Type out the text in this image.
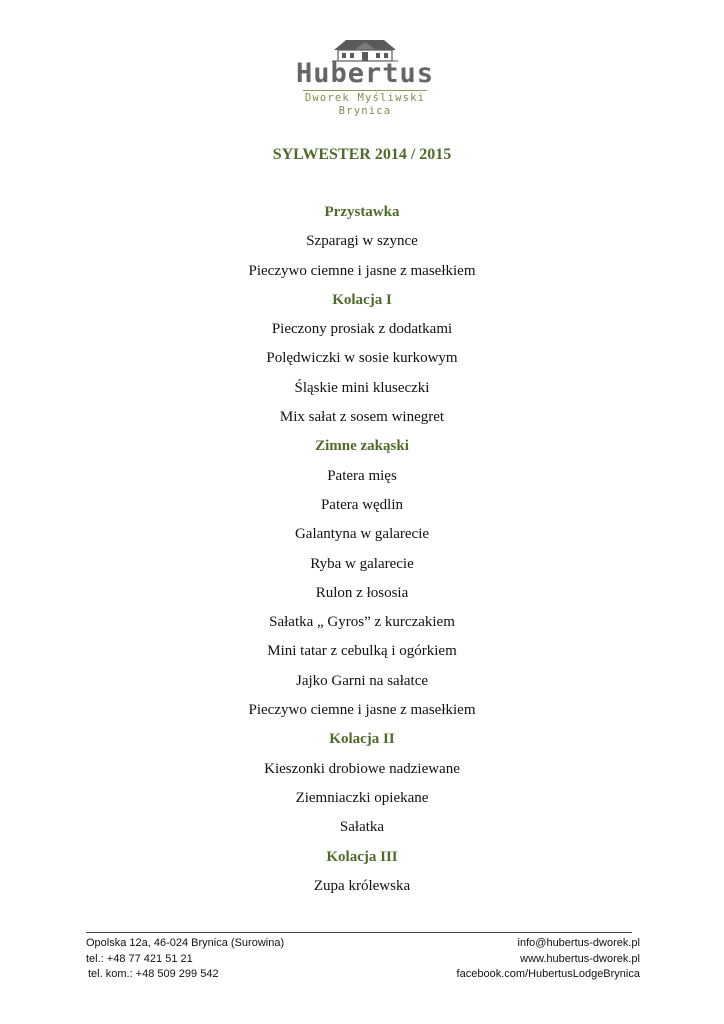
Hubertus
Dworek Myśliwski
Brynica
SYLWESTER 2014 / 2015
Przystawka
Szparagi w szynce
Pieczywo ciemne i jasne z masełkiem
Kolacja I
Pieczony prosiak z dodatkami
Polędwiczki w sosie kurkowym
Śląskie mini kluseczki
Mix sałat z sosem winegret
Zimne zakąski
Patera mięs
Patera wędlin
Galantyna w galarecie
Ryba w galarecie
Rulon z łososia
Sałatka „ Gyros” z kurczakiem
Mini tatar z cebulką i ogórkiem
Jajko Garni na sałatce
Pieczywo ciemne i jasne z masełkiem
Kolacja II
Kieszonki drobiowe nadziewane
Ziemniaczki opiekane
Sałatka
Kolacja III
Zupa królewska
Opolska 12a, 46-024 Brynica (Surowina)	info@hubertus-dworek.pl
tel.: +48 77 421 51 21	www.hubertus-dworek.pl
tel. kom.: +48 509 299 542	facebook.com/HubertusLodgeBrynica
